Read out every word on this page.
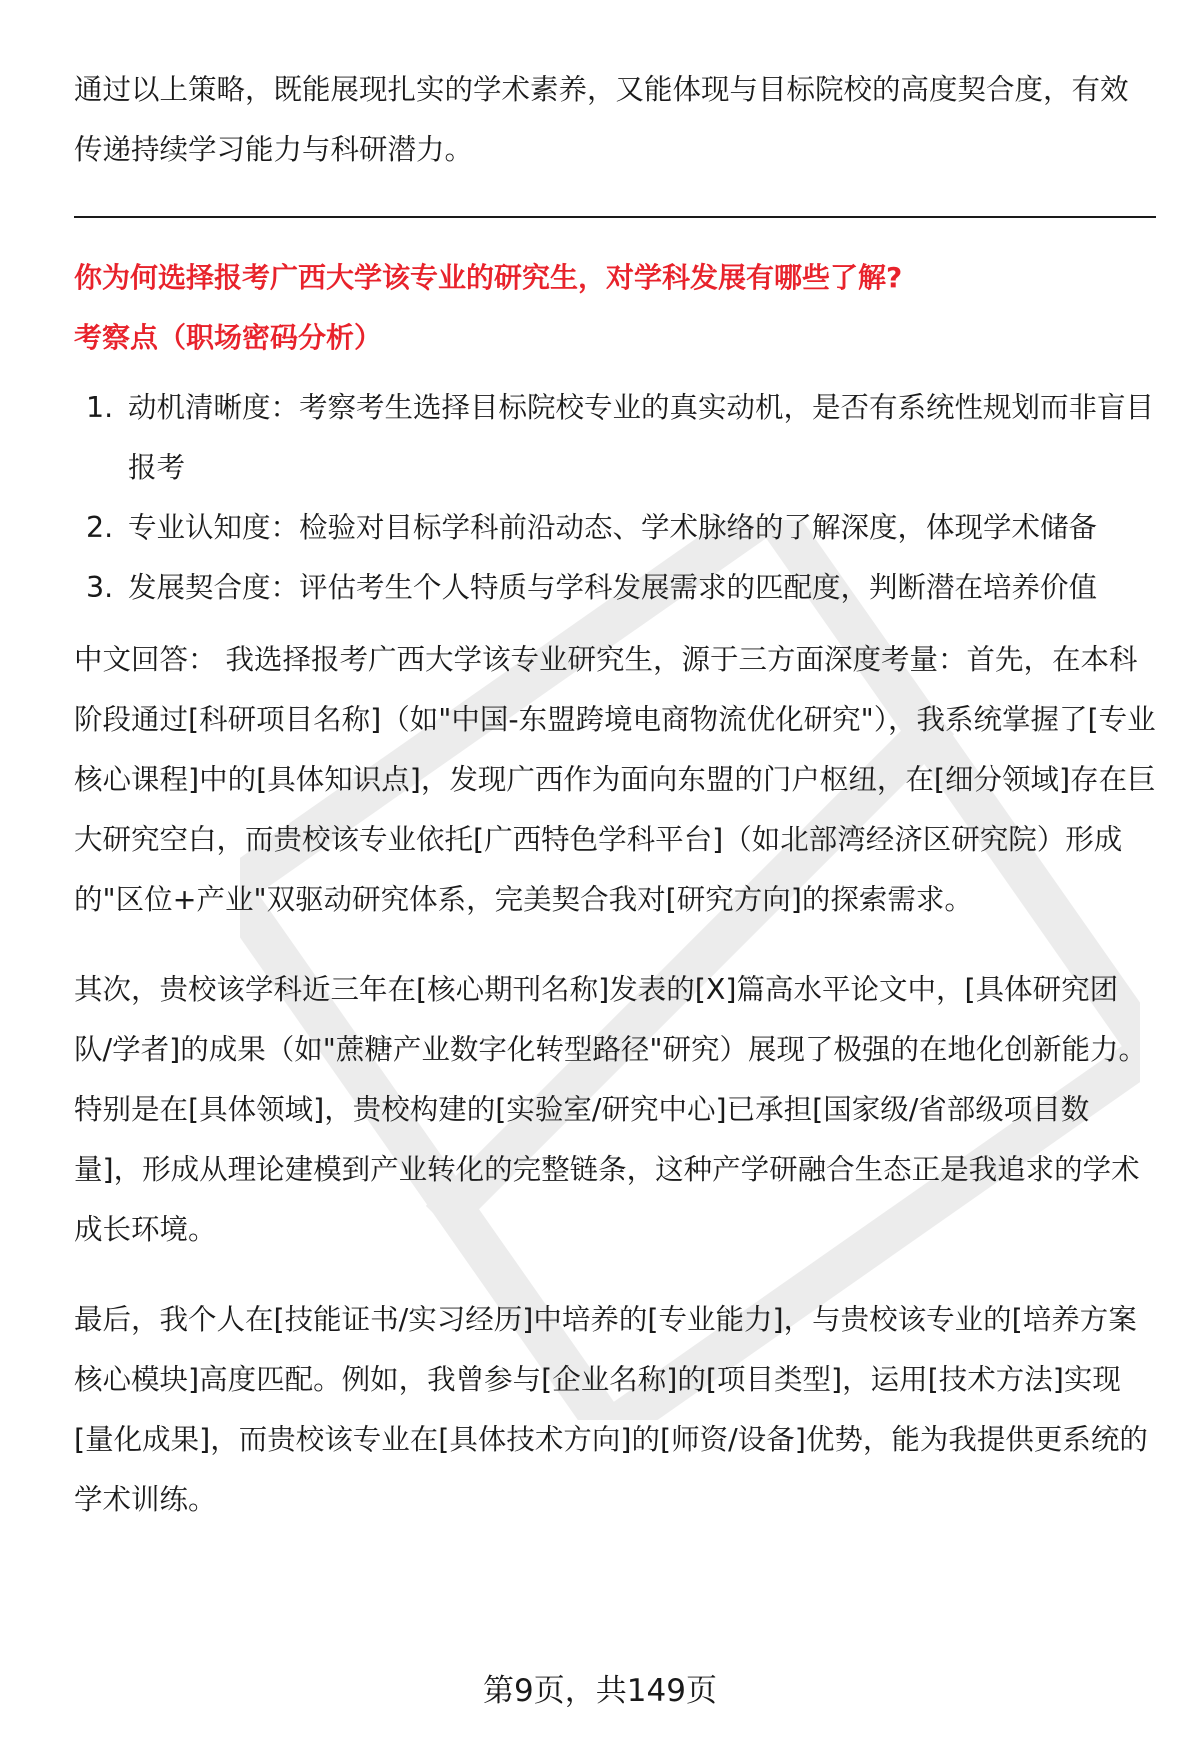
通过以上策略，既能展现扎实的学术素养，又能体现与目标院校的高度契合度，有效传递持续学习能力与科研潜力。

你为何选择报考广西大学该专业的研究生，对学科发展有哪些了解?

考察点（职场密码分析）

1. 动机清晰度：考察考生选择目标院校专业的真实动机，是否有系统性规划而非盲目报考
2. 专业认知度：检验对目标学科前沿动态、学术脉络的了解深度，体现学术储备
3. 发展契合度：评估考生个人特质与学科发展需求的匹配度，判断潜在培养价值

中文回答： 我选择报考广西大学该专业研究生，源于三方面深度考量：首先，在本科阶段通过[科研项目名称]（如"中国-东盟跨境电商物流优化研究"），我系统掌握了[专业核心课程]中的[具体知识点]，发现广西作为面向东盟的门户枢纽，在[细分领域]存在巨大研究空白，而贵校该专业依托[广西特色学科平台]（如北部湾经济区研究院）形成的"区位+产业"双驱动研究体系，完美契合我对[研究方向]的探索需求。

其次，贵校该学科近三年在[核心期刊名称]发表的[X]篇高水平论文中，[具体研究团队/学者]的成果（如"蔗糖产业数字化转型路径"研究）展现了极强的在地化创新能力。特别是在[具体领域]，贵校构建的[实验室/研究中心]已承担[国家级/省部级项目数量]，形成从理论建模到产业转化的完整链条，这种产学研融合生态正是我追求的学术成长环境。

最后，我个人在[技能证书/实习经历]中培养的[专业能力]，与贵校该专业的[培养方案核心模块]高度匹配。例如，我曾参与[企业名称]的[项目类型]，运用[技术方法]实现[量化成果]，而贵校该专业在[具体技术方向]的[师资/设备]优势，能为我提供更系统的学术训练。

第9页，共149页
